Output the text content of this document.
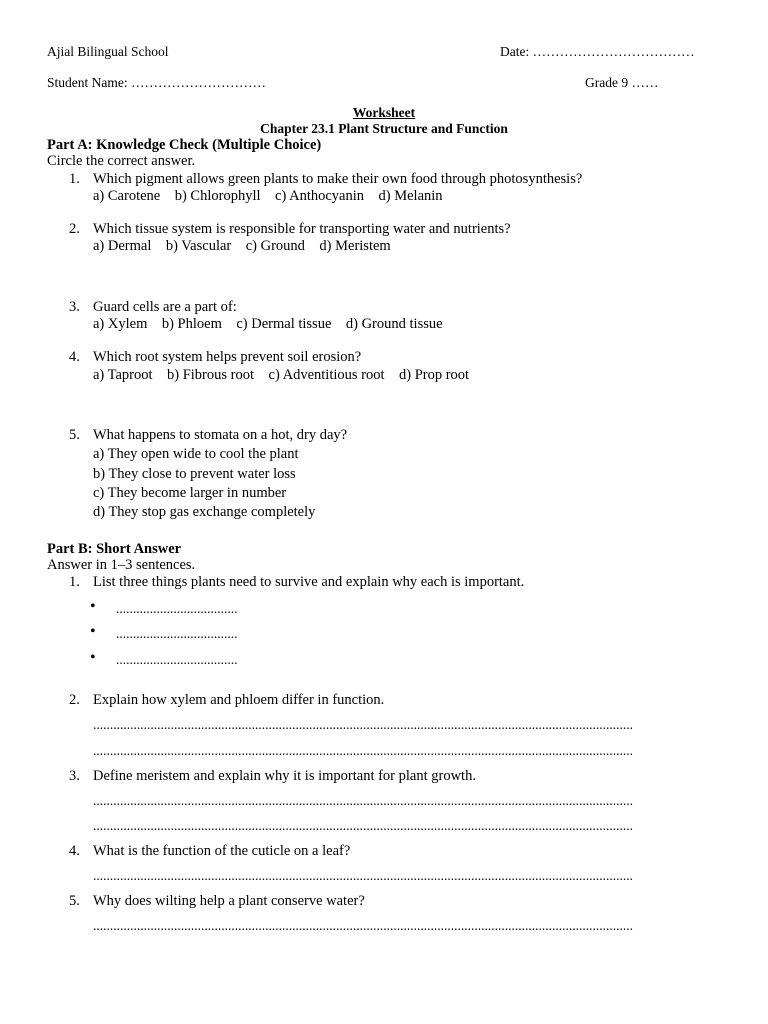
Ajial Bilingual School	Date: ………………………………
Student Name: …………………………	Grade 9 ……
Worksheet
Chapter 23.1 Plant Structure and Function
Part A: Knowledge Check (Multiple Choice)
Circle the correct answer.
1. Which pigment allows green plants to make their own food through photosynthesis?
a) Carotene    b) Chlorophyll    c) Anthocyanin    d) Melanin
2. Which tissue system is responsible for transporting water and nutrients?
a) Dermal    b) Vascular    c) Ground    d) Meristem
3. Guard cells are a part of:
a) Xylem    b) Phloem    c) Dermal tissue    d) Ground tissue
4. Which root system helps prevent soil erosion?
a) Taproot    b) Fibrous root    c) Adventitious root    d) Prop root
5. What happens to stomata on a hot, dry day?
a) They open wide to cool the plant
b) They close to prevent water loss
c) They become larger in number
d) They stop gas exchange completely
Part B: Short Answer
Answer in 1–3 sentences.
1. List three things plants need to survive and explain why each is important.
• ....................................
• ....................................
• ....................................
2. Explain how xylem and phloem differ in function.
................................................................................................................................................................
................................................................................................................................................................
3. Define meristem and explain why it is important for plant growth.
................................................................................................................................................................
................................................................................................................................................................
4. What is the function of the cuticle on a leaf?
................................................................................................................................................................
5. Why does wilting help a plant conserve water?
................................................................................................................................................................
